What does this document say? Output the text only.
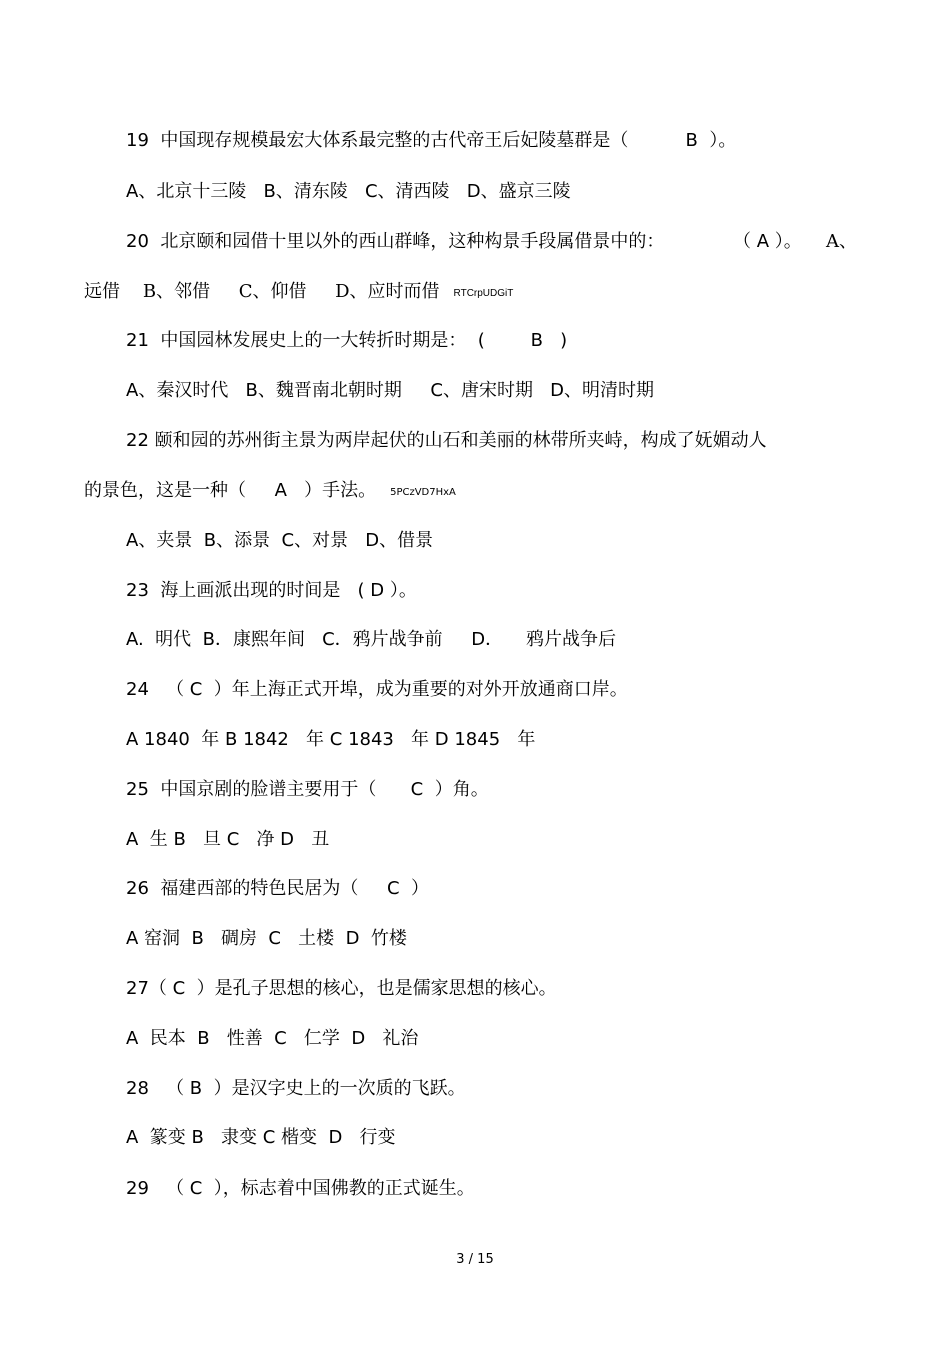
19  中国现存规模最宏大体系最完整的古代帝王后妃陵墓群是（          B  ）。
A、北京十三陵   B、清东陵   C、清西陵   D、盛京三陵
20  北京颐和园借十里以外的西山群峰，这种构景手段属借景中的：            （ A ）。 A、
远借    B、邻借     C、仰借     D、应时而借 RTCrpUDGiT
21  中国园林发展史上的一大转折时期是：  (        B   )
A、秦汉时代   B、魏晋南北朝时期     C、唐宋时期   D、明清时期
22 颐和园的苏州街主景为两岸起伏的山石和美丽的林带所夹峙，构成了妩媚动人
的景色，这是一种（     A   ）手法。 5PCzVD7HxA
A、夹景  B、添景  C、对景   D、借景
23  海上画派出现的时间是   ( D ）。
A.  明代  B．康熙年间   C．鸦片战争前     D．    鸦片战争后
24   （ C  ）年上海正式开埠，成为重要的对外开放通商口岸。
A 1840  年 B 1842   年 C 1843   年 D 1845   年
25  中国京剧的脸谱主要用于（      C  ）角。
A  生 B   旦 C   净 D   丑
26  福建西部的特色民居为（     C  ）
A 窑洞  B   碉房  C   土楼  D  竹楼
27（ C  ）是孔子思想的核心，也是儒家思想的核心。
A  民本  B   性善  C   仁学  D   礼治
28   （ B  ）是汉字史上的一次质的飞跃。
A  篆变 B   隶变 C 楷变  D   行变
29   （ C  ），标志着中国佛教的正式诞生。
3 / 15
